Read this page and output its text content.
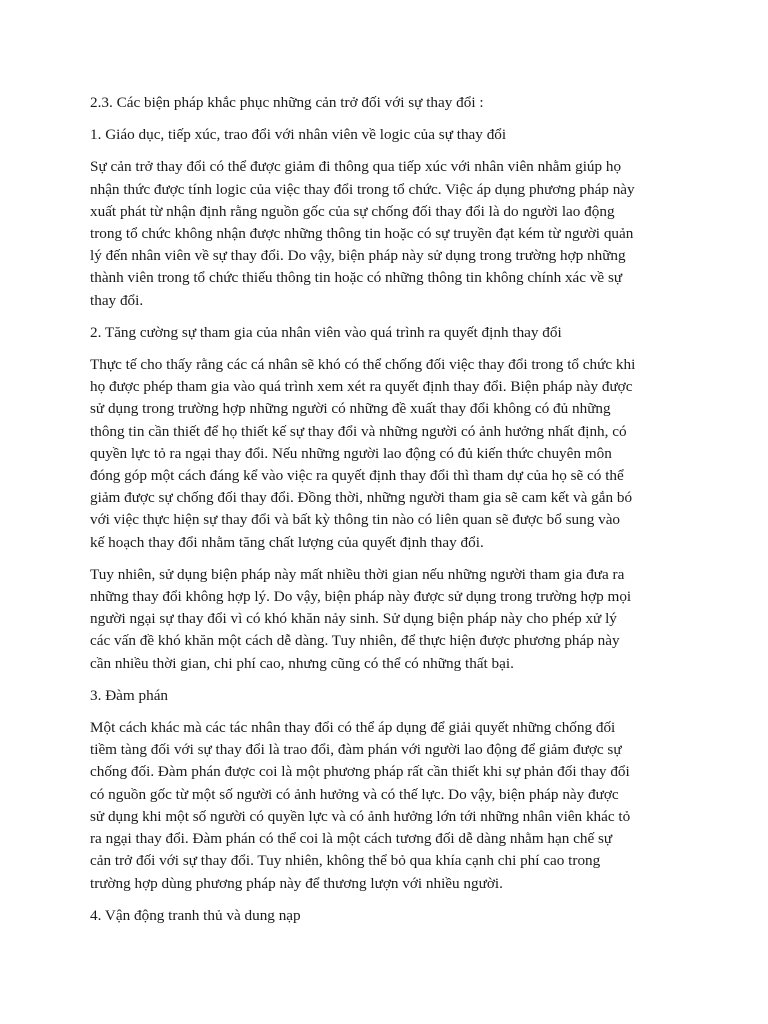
2.3. Các biện pháp khắc phục những cản trở đối với sự thay đổi :
1. Giáo dục, tiếp xúc, trao đổi với nhân viên về logic của sự thay đổi
Sự cản trở thay đổi có thể được giảm đi thông qua tiếp xúc với nhân viên nhằm giúp họ
nhận thức được tính logic của việc thay đổi trong tổ chức. Việc áp dụng phương pháp này
xuất phát từ nhận định rằng nguồn gốc của sự chống đối thay đổi là do người lao động
trong tổ chức không nhận được những thông tin hoặc có sự truyền đạt kém từ người quản
lý đến nhân viên về sự thay đổi. Do vậy, biện pháp này sử dụng trong trường hợp những
thành viên trong tổ chức thiếu thông tin hoặc có những thông tin không chính xác về sự
thay đổi.
2. Tăng cường sự tham gia của nhân viên vào quá trình ra quyết định thay đổi
Thực tế cho thấy rằng các cá nhân sẽ khó có thể chống đối việc thay đổi trong tổ chức khi
họ được phép tham gia vào quá trình xem xét ra quyết định thay đổi. Biện pháp này được
sử dụng trong trường hợp những người có những đề xuất thay đổi không có đủ những
thông tin cần thiết để họ thiết kế sự thay đổi và những người có ảnh hưởng nhất định, có
quyền lực tỏ ra ngại thay đổi. Nếu những người lao động có đủ kiến thức chuyên môn
đóng góp một cách đáng kể vào việc ra quyết định thay đổi thì tham dự của họ sẽ có thể
giảm được sự chống đối thay đổi. Đồng thời, những người tham gia sẽ cam kết và gắn bó
với việc thực hiện sự thay đổi và bất kỳ thông tin nào có liên quan sẽ được bổ sung vào
kế hoạch thay đổi nhằm tăng chất lượng của quyết định thay đổi.
Tuy nhiên, sử dụng biện pháp này mất nhiều thời gian nếu những người tham gia đưa ra
những thay đổi không hợp lý. Do vậy, biện pháp này được sử dụng trong trường hợp mọi
người ngại sự thay đổi vì có khó khăn nảy sinh. Sử dụng biện pháp này cho phép xử lý
các vấn đề khó khăn một cách dễ dàng. Tuy nhiên, để thực hiện được phương pháp này
cần nhiều thời gian, chi phí cao, nhưng cũng có thể có những thất bại.
3. Đàm phán
Một cách khác mà các tác nhân thay đổi có thể áp dụng để giải quyết những chống đối
tiềm tàng đối với sự thay đổi là trao đổi, đàm phán với người lao động để giảm được sự
chống đối. Đàm phán được coi là một phương pháp rất cần thiết khi sự phản đối thay đổi
có nguồn gốc từ một số người có ảnh hưởng và có thế lực. Do vậy, biện pháp này được
sử dụng khi một số người có quyền lực và có ảnh hưởng lớn tới những nhân viên khác tỏ
ra ngại thay đổi. Đàm phán có thể coi là một cách tương đối dễ dàng nhằm hạn chế sự
cản trở đối với sự thay đổi. Tuy nhiên, không thể bỏ qua khía cạnh chi phí cao trong
trường hợp dùng phương pháp này để thương lượn với nhiều người.
4. Vận động tranh thủ và dung nạp
